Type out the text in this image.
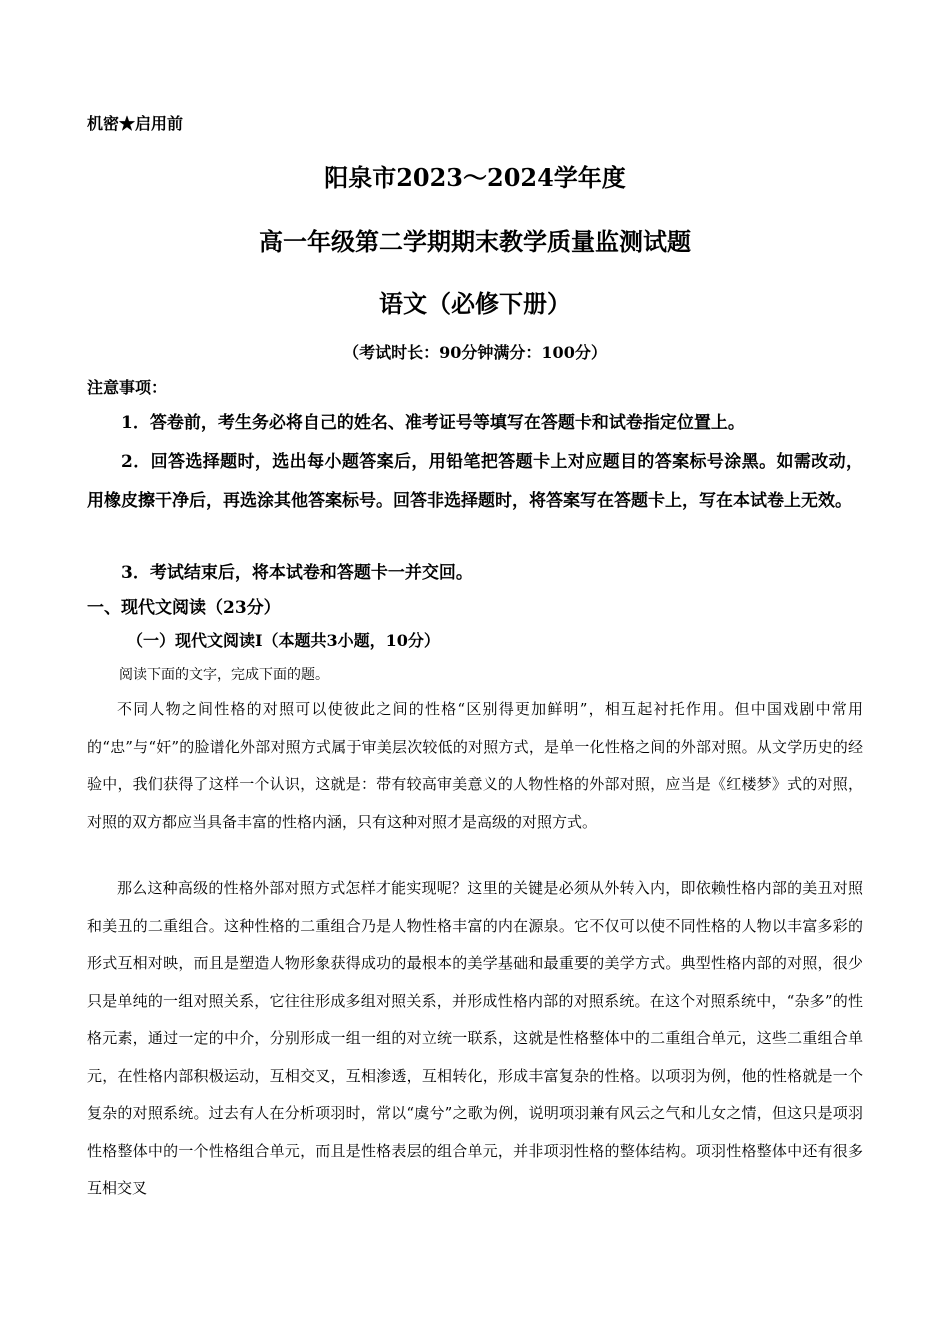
机密★启用前
阳泉市2023～2024学年度
高一年级第二学期期末教学质量监测试题
语文（必修下册）
（考试时长：90分钟满分：100分）
注意事项：
1．答卷前，考生务必将自己的姓名、准考证号等填写在答题卡和试卷指定位置上。
2．回答选择题时，选出每小题答案后，用铅笔把答题卡上对应题目的答案标号涂黑。如需改动，用橡皮擦干净后，再选涂其他答案标号。回答非选择题时，将答案写在答题卡上，写在本试卷上无效。
3．考试结束后，将本试卷和答题卡一并交回。
一、现代文阅读（23分）
（一）现代文阅读Ⅰ（本题共3小题，10分）
阅读下面的文字，完成下面的题。
不同人物之间性格的对照可以使彼此之间的性格“区别得更加鲜明”，相互起衬托作用。但中国戏剧中常用的“忠”与“奸”的脸谱化外部对照方式属于审美层次较低的对照方式，是单一化性格之间的外部对照。从文学历史的经验中，我们获得了这样一个认识，这就是：带有较高审美意义的人物性格的外部对照，应当是《红楼梦》式的对照，对照的双方都应当具备丰富的性格内涵，只有这种对照才是高级的对照方式。
那么这种高级的性格外部对照方式怎样才能实现呢？这里的关键是必须从外转入内，即依赖性格内部的美丑对照和美丑的二重组合。这种性格的二重组合乃是人物性格丰富的内在源泉。它不仅可以使不同性格的人物以丰富多彩的形式互相对映，而且是塑造人物形象获得成功的最根本的美学基础和最重要的美学方式。典型性格内部的对照，很少只是单纯的一组对照关系，它往往形成多组对照关系，并形成性格内部的对照系统。在这个对照系统中，“杂多”的性格元素，通过一定的中介，分别形成一组一组的对立统一联系，这就是性格整体中的二重组合单元，这些二重组合单元，在性格内部积极运动，互相交叉，互相渗透，互相转化，形成丰富复杂的性格。以项羽为例，他的性格就是一个复杂的对照系统。过去有人在分析项羽时，常以“虞兮”之歌为例，说明项羽兼有风云之气和儿女之情，但这只是项羽性格整体中的一个性格组合单元，而且是性格表层的组合单元，并非项羽性格的整体结构。项羽性格整体中还有很多互相交叉
